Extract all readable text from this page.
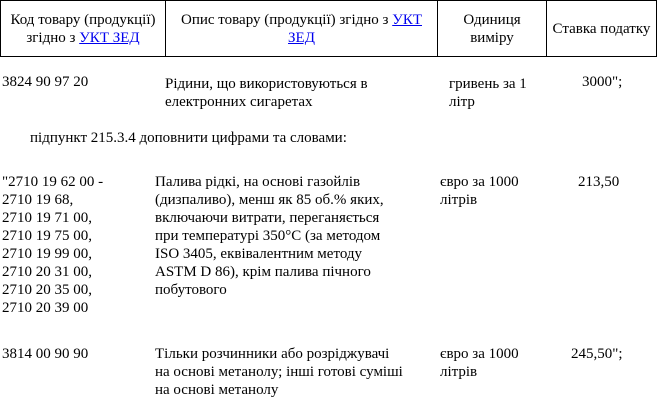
Код товару (продукції)
згідно з УКТ ЗЕД
Опис товару (продукції) згідно з УКТ
ЗЕД
Одиниця
виміру
Ставка податку
3824 90 97 20	Рідини, що використовуються в
електронних сигаретах
гривень за 1
літр
3000";
підпункт 215.3.4 доповнити цифрами та словами:
"2710 19 62 00 -
2710 19 68,
2710 19 71 00,
2710 19 75 00,
2710 19 99 00,
2710 20 31 00,
2710 20 35 00,
2710 20 39 00
Палива рідкі, на основі газойлів
(дизпаливо), менш як 85 об.% яких,
включаючи витрати, переганяється
при температурі 350°С (за методом
ISO 3405, еквівалентним методу
ASTM D 86), крім палива пічного
побутового
євро за 1000
літрів
213,50
3814 00 90 90	Тільки розчинники або розріджувачі
на основі метанолу; інші готові суміші
на основі метанолу
євро за 1000
літрів
245,50";
